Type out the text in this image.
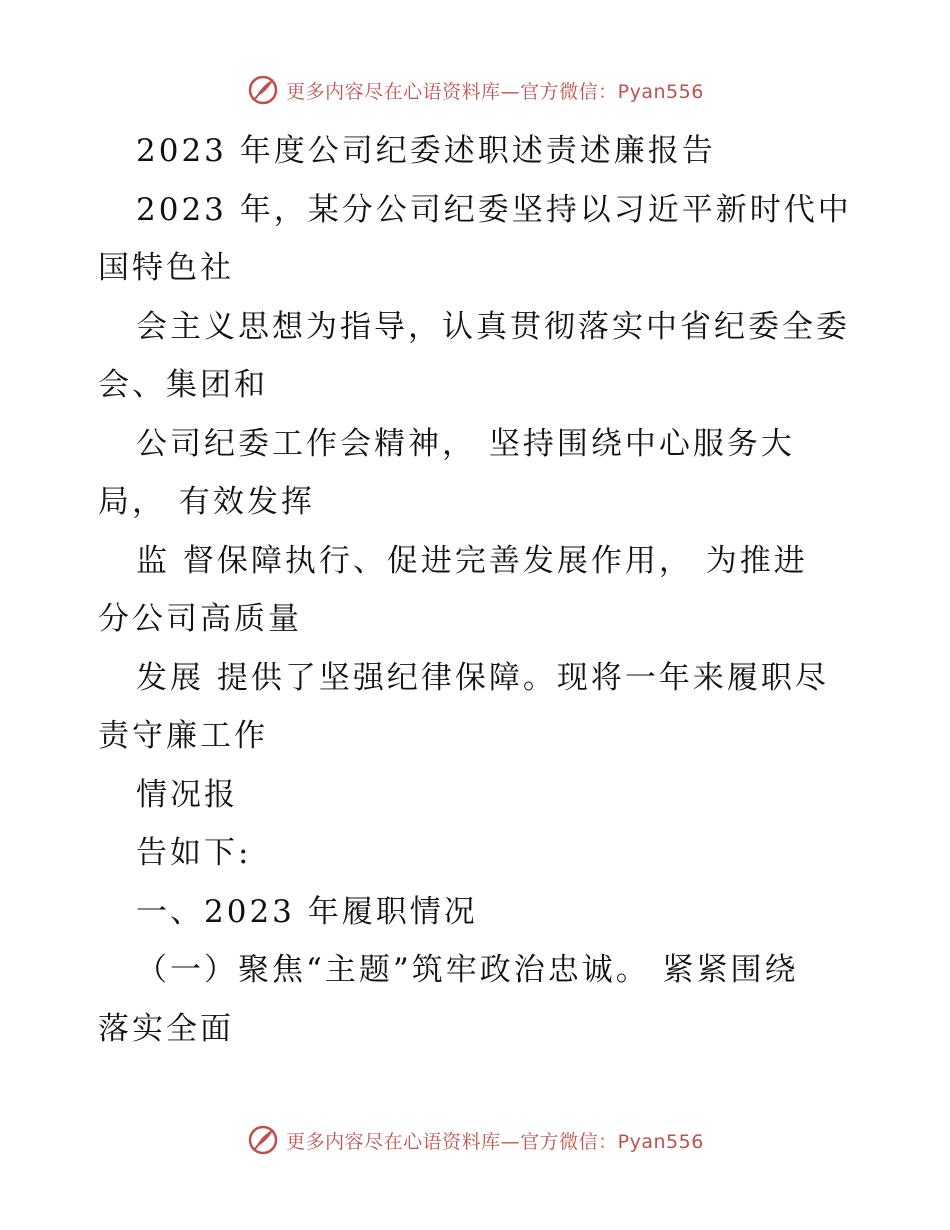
更多内容尽在心语资料库—官方微信：Pyan556
2023 年度公司纪委述职述责述廉报告
2023 年，某分公司纪委坚持以习近平新时代中
国特色社
会主义思想为指导，认真贯彻落实中省纪委全委
会、集团和
公司纪委工作会精神， 坚持围绕中心服务大
局， 有效发挥
监 督保障执行、促进完善发展作用， 为推进
分公司高质量
发展 提供了坚强纪律保障。现将一年来履职尽
责守廉工作
情况报
告如下:
一、2023 年履职情况
（一）聚焦“主题”筑牢政治忠诚。 紧紧围绕
落实全面
更多内容尽在心语资料库—官方微信：Pyan556
